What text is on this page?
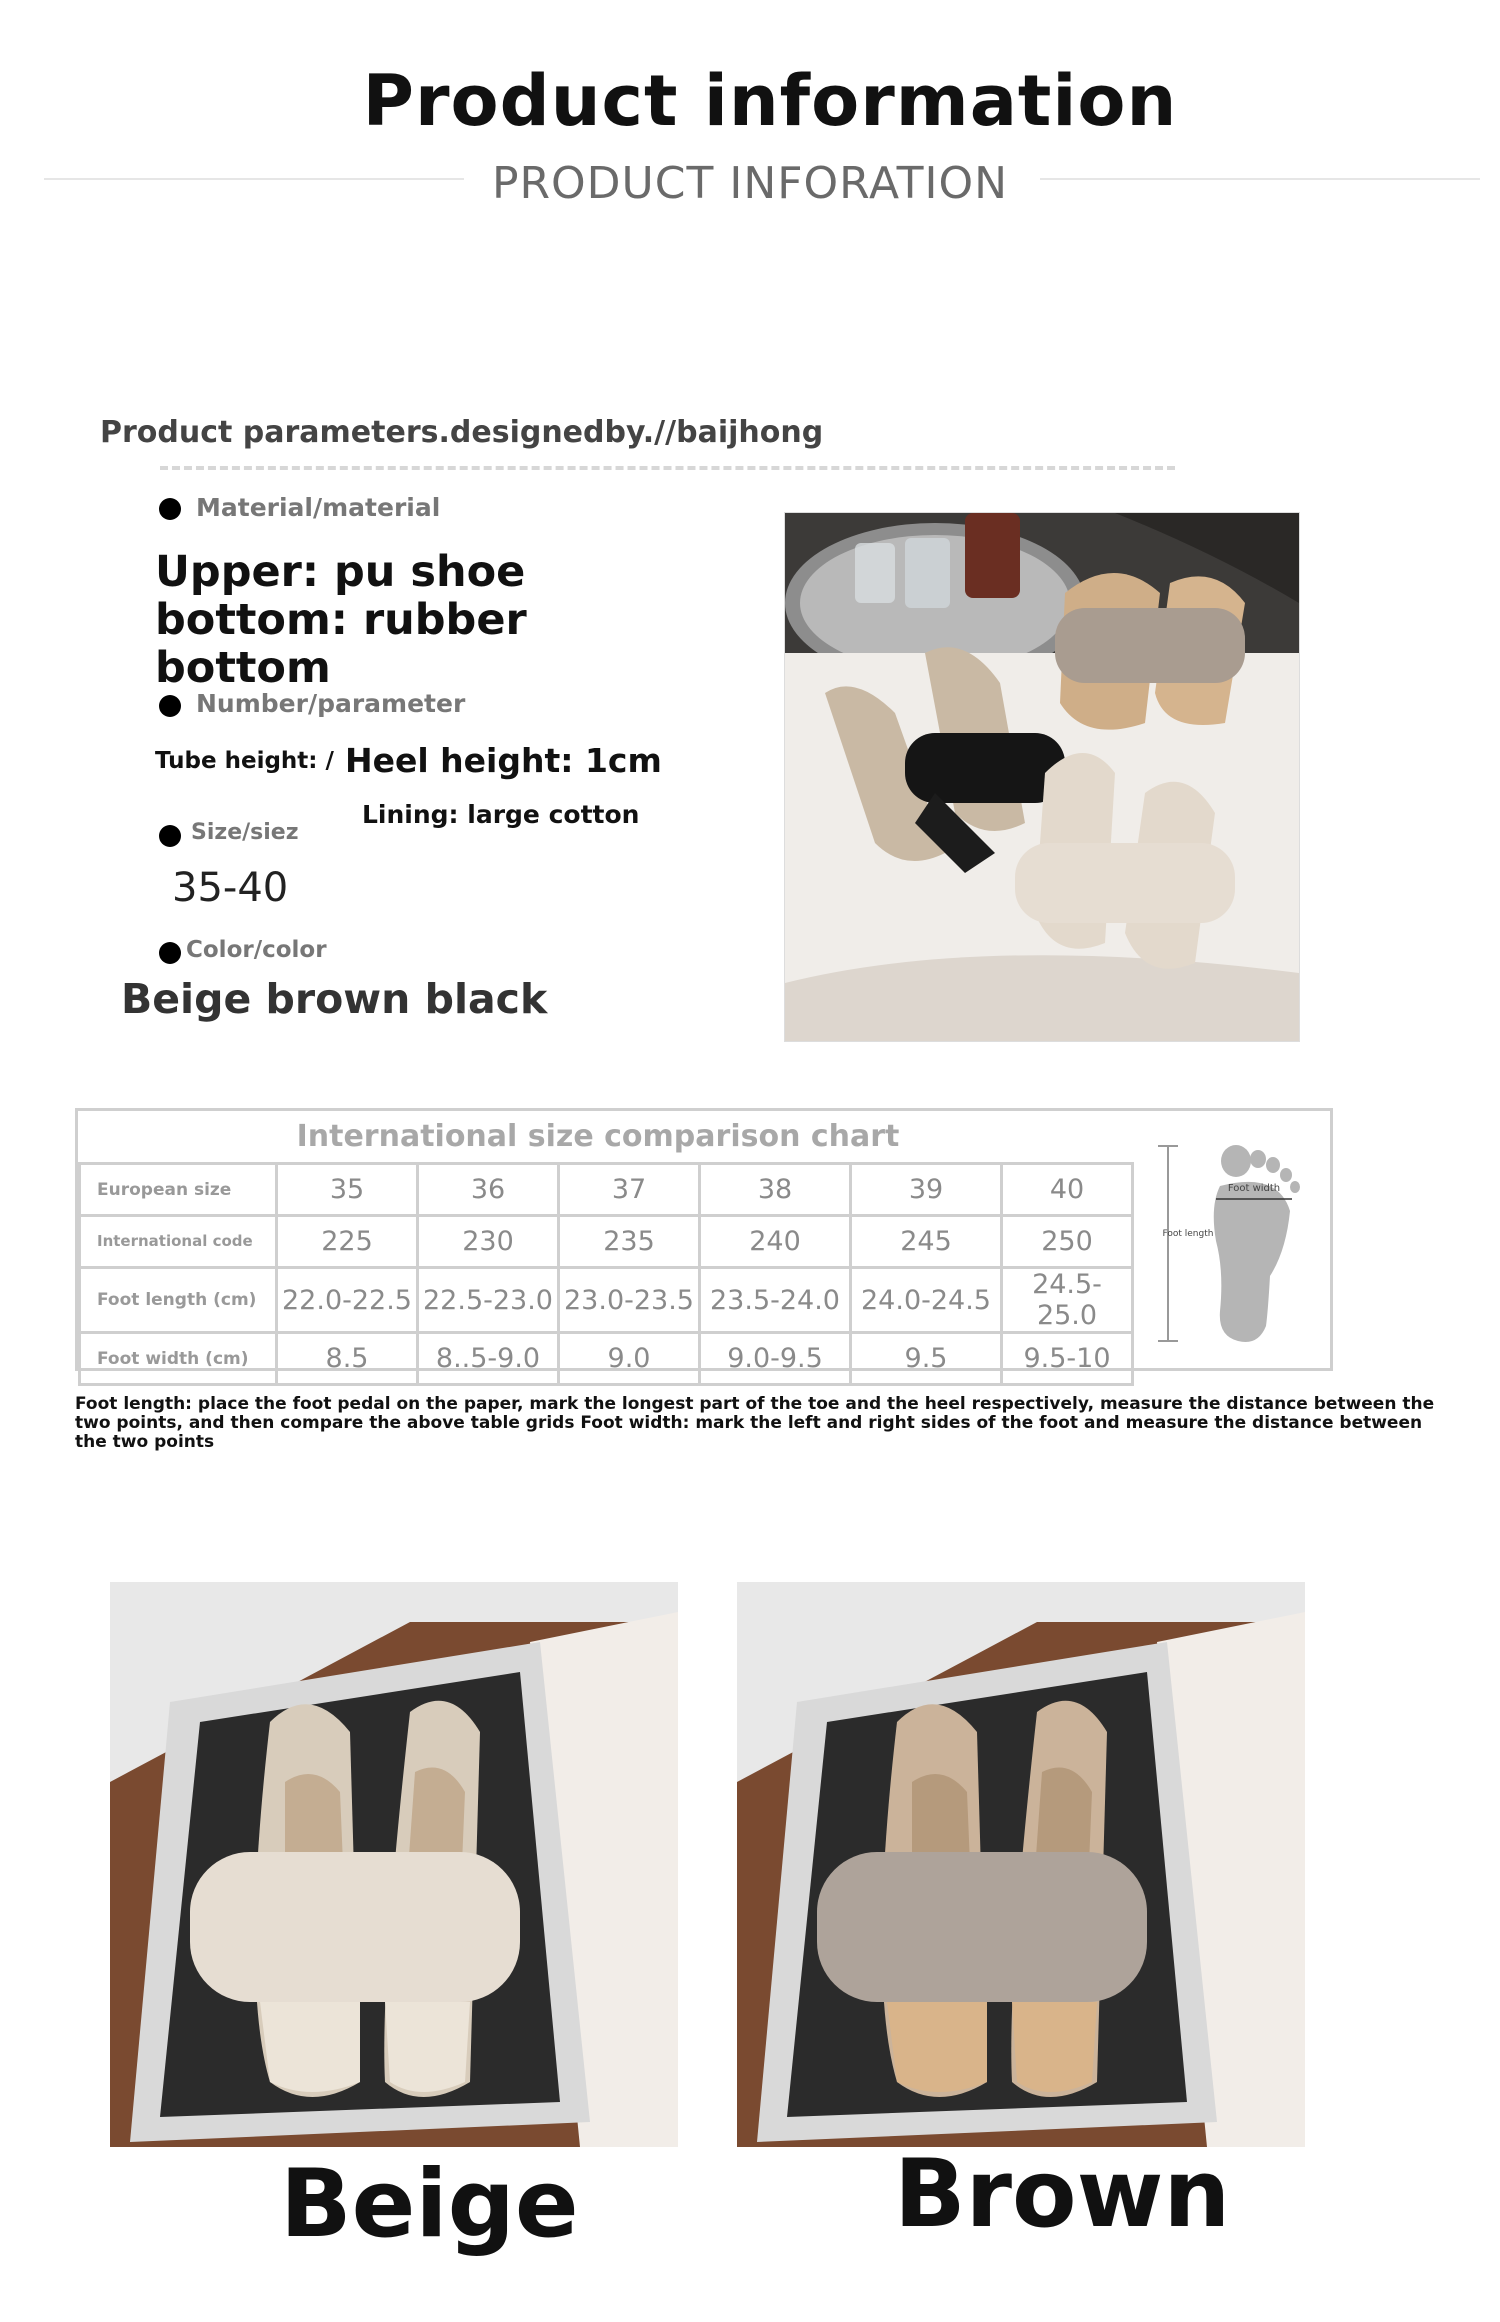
Product information
PRODUCT INFORATION
Product parameters.designedby.//baijhong
Material/material
Upper: pu shoe bottom: rubber bottom
Number/parameter
Tube height: / Heel height: 1cm
Lining: large cotton
Size/siez
35-40
Color/color
Beige brown black
International size comparison chart
European size	35	36	37	38	39	40
International code	225	230	235	240	245	250
Foot length (cm)	22.0-22.5	22.5-23.0	23.0-23.5	23.5-24.0	24.0-24.5	24.5-25.0
Foot width (cm)	8.5	8..5-9.0	9.0	9.0-9.5	9.5	9.5-10
Foot width
Foot length
Foot length: place the foot pedal on the paper, mark the longest part of the toe and the heel respectively, measure the distance between the two points, and then compare the above table grids Foot width: mark the left and right sides of the foot and measure the distance between the two points
Beige	Brown
